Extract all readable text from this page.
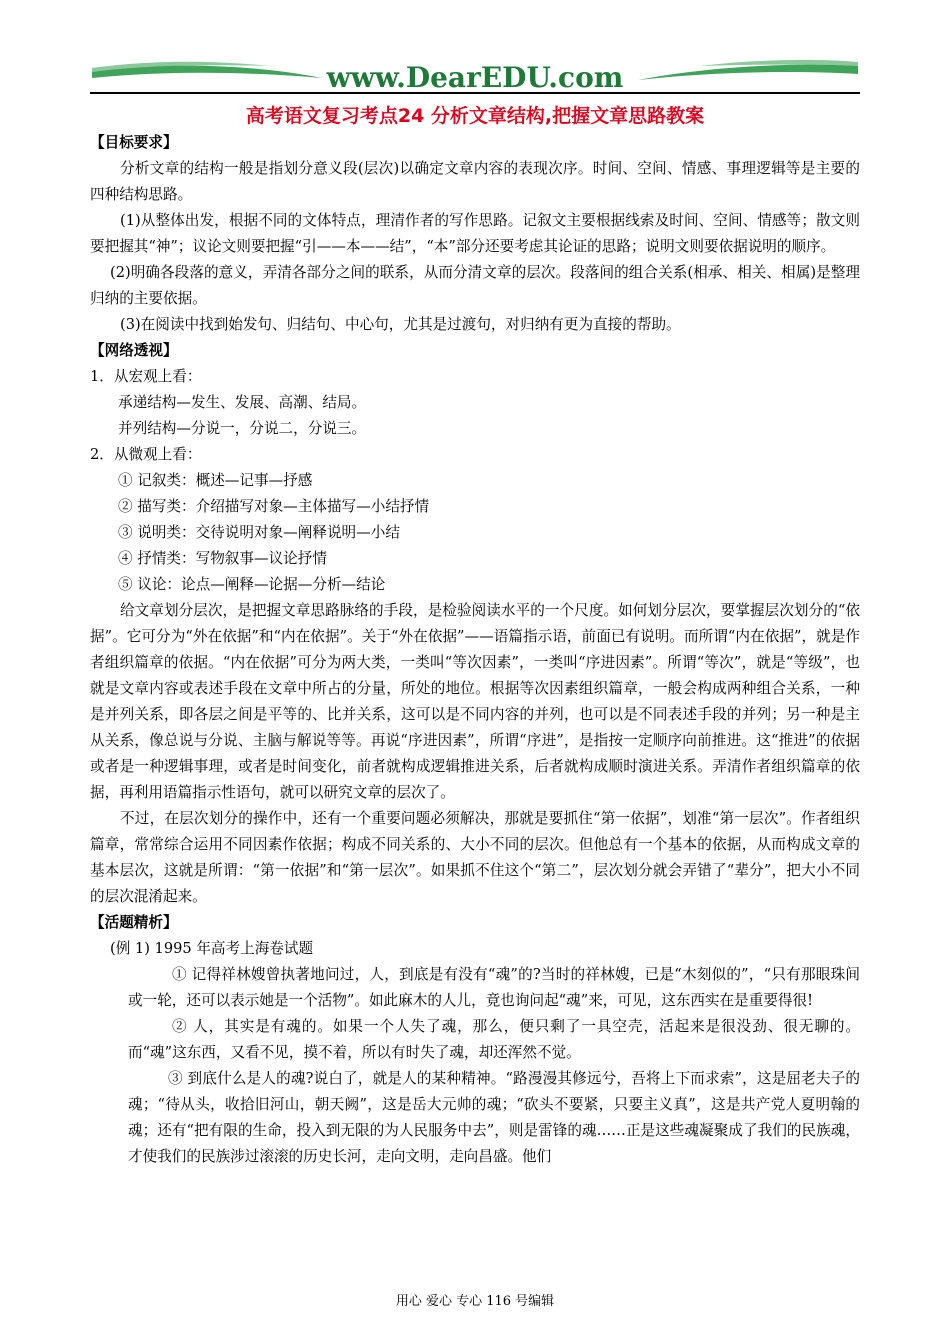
www.DearEDU.com
高考语文复习考点24 分析文章结构,把握文章思路教案

【目标要求】

分析文章的结构一般是指划分意义段(层次)以确定文章内容的表现次序。时间、空间、情感、事理逻辑等是主要的四种结构思路。

(1)从整体出发，根据不同的文体特点，理清作者的写作思路。记叙文主要根据线索及时间、空间、情感等；散文则要把握其“神”；议论文则要把握“引——本——结”，“本”部分还要考虑其论证的思路；说明文则要依据说明的顺序。

(2)明确各段落的意义，弄清各部分之间的联系，从而分清文章的层次。段落间的组合关系(相承、相关、相属)是整理归纳的主要依据。

(3)在阅读中找到始发句、归结句、中心句，尤其是过渡句，对归纳有更为直接的帮助。

【网络透视】

1．从宏观上看：

承递结构—发生、发展、高潮、结局。

并列结构—分说一，分说二，分说三。

2．从微观上看：

① 记叙类：概述—记事—抒感

② 描写类：介绍描写对象—主体描写—小结抒情

③ 说明类：交待说明对象—阐释说明—小结

④ 抒情类：写物叙事—议论抒情

⑤ 议论：论点—阐释—论据—分析—结论

给文章划分层次，是把握文章思路脉络的手段，是检验阅读水平的一个尺度。如何划分层次，要掌握层次划分的“依据”。它可分为“外在依据”和“内在依据”。关于“外在依据”——语篇指示语，前面已有说明。而所谓“内在依据”，就是作者组织篇章的依据。“内在依据”可分为两大类，一类叫“等次因素”，一类叫“序进因素”。所谓“等次”，就是“等级”，也就是文章内容或表述手段在文章中所占的分量，所处的地位。根据等次因素组织篇章，一般会构成两种组合关系，一种是并列关系，即各层之间是平等的、比并关系，这可以是不同内容的并列，也可以是不同表述手段的并列；另一种是主从关系，像总说与分说、主脑与解说等等。再说“序进因素”，所谓“序进”，是指按一定顺序向前推进。这“推进”的依据或者是一种逻辑事理，或者是时间变化，前者就构成逻辑推进关系，后者就构成顺时演进关系。弄清作者组织篇章的依据，再利用语篇指示性语句，就可以研究文章的层次了。

不过，在层次划分的操作中，还有一个重要问题必须解决，那就是要抓住“第一依据”，划准“第一层次”。作者组织篇章，常常综合运用不同因素作依据；构成不同关系的、大小不同的层次。但他总有一个基本的依据，从而构成文章的基本层次，这就是所谓：“第一依据”和“第一层次”。如果抓不住这个“第二”，层次划分就会弄错了“辈分”，把大小不同的层次混淆起来。

【活题精析】

(例 1) 1995 年高考上海卷试题

① 记得祥林嫂曾执著地问过，人，到底是有没有“魂”的?当时的祥林嫂，已是“木刻似的”，“只有那眼珠间或一轮，还可以表示她是一个活物”。如此麻木的人儿，竟也询问起“魂”来，可见，这东西实在是重要得很!

② 人，其实是有魂的。如果一个人失了魂，那么，便只剩了一具空壳，活起来是很没劲、很无聊的。而“魂”这东西，又看不见，摸不着，所以有时失了魂，却还浑然不觉。

③ 到底什么是人的魂?说白了，就是人的某种精神。“路漫漫其修远兮，吾将上下而求索”，这是屈老夫子的魂；“待从头，收拾旧河山，朝天阙”，这是岳大元帅的魂；“砍头不要紧，只要主义真”，这是共产党人夏明翰的魂；还有“把有限的生命，投入到无限的为人民服务中去”，则是雷锋的魂……正是这些魂凝聚成了我们的民族魂，才使我们的民族涉过滚滚的历史长河，走向文明，走向昌盛。他们

用心 爱心 专心 116 号编辑
